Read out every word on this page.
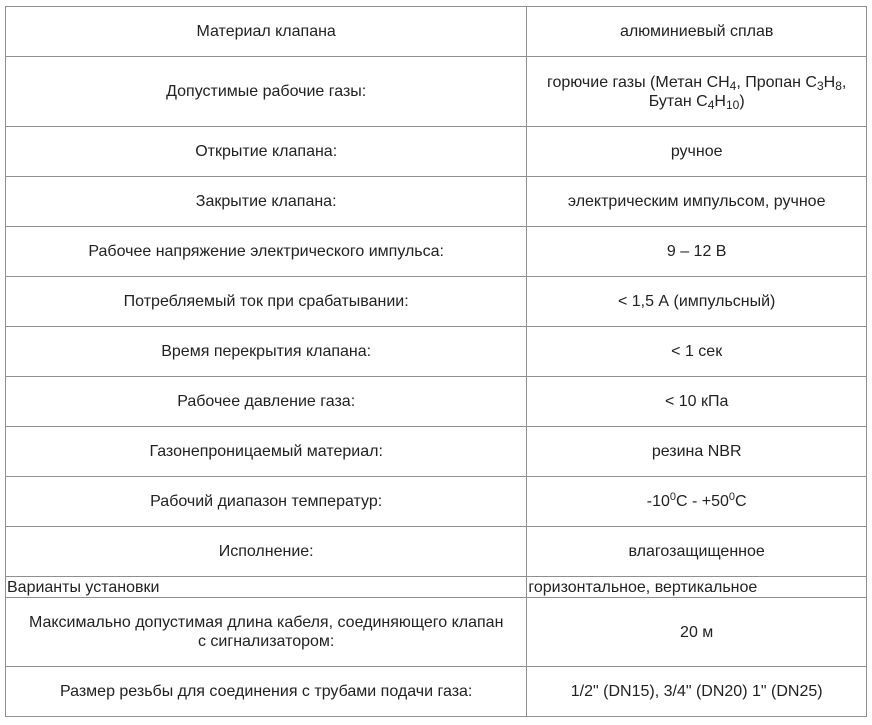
Материал клапана	алюминиевый сплав
Допустимые рабочие газы:	горючие газы (Метан $CH_4$, Пропан $C_3H_8$,
Бутан $C_4H_{10}$)
Открытие клапана:	ручное
Закрытие клапана:	электрическим импульсом, ручное
Рабочее напряжение электрического импульса:	9 – 12 В
Потребляемый ток при срабатывании:	< 1,5 А (импульсный)
Время перекрытия клапана:	< 1 сек
Рабочее давление газа:	< 10 кПа
Газонепроницаемый материал:	резина NBR
Рабочий диапазон температур:	$-10^0С - +50^0С$
Исполнение:	влагозащищенное
Варианты установки	горизонтальное, вертикальное
Максимально допустимая длина кабеля, соединяющего клапан
с сигнализатором:	20 м
Размер резьбы для соединения с трубами подачи газа:	1/2" (DN15), 3/4" (DN20) 1" (DN25)
